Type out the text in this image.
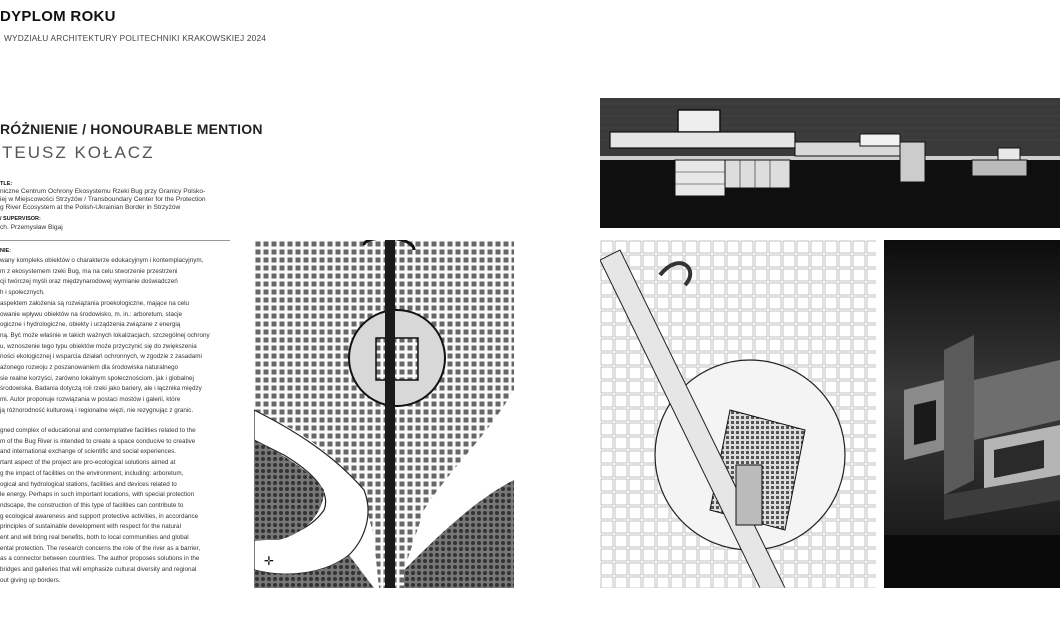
DYPLOM ROKU
WYDZIAŁU ARCHITEKTURY POLITECHNIKI KRAKOWSKIEJ 2024
RÓŻNIENIE / HONOURABLE MENTION
TEUSZ KOŁACZ
TLE:
niczne Centrum Ochrony Ekosystemu Rzeki Bug przy Granicy Polsko-
iej w Miejscowości Strzyżów / Transboundary Center for the Protection
g River Ecosystem at the Polish-Ukrainian Border in Strzyżów
/ SUPERVISOR:
ch. Przemysław Bigaj
NIE:
wany kompleks obiektów o charakterze edukacyjnym i kontemplacyjnym,
m z ekosystemem rzeki Bug, ma na celu stworzenie przestrzeni
cji twórczej myśli oraz międzynarodowej wymianie doświadczeń
h i społecznych.
aspektem założenia są rozwiązania proekologiczne, mające na celu
owanie wpływu obiektów na środowisko, m. in.: arboretum, stacje
ogiczne i hydrologiczne, obiekty i urządzenia związane z energią
ną. Być może właśnie w takich ważnych lokalizacjach, szczególnej ochrony
u, wznoszenie tego typu obiektów może przyczynić się do zwiększenia
ności ekologicznej i wsparcia działań ochronnych, w zgodzie z zasadami
ażonego rozwoju z poszanowaniem dla środowiska naturalnego
sie realne korzyści, zarówno lokalnym społecznościom, jak i globalnej
środowiska. Badania dotyczą roli rzeki jako bariery, ale i łącznika między
mi. Autor proponuje rozwiązania w postaci mostów i galerii, które
ją różnorodność kulturową i regionalne więzi, nie rezygnując z granic.
gned complex of educational and contemplative facilities related to the
m of the Bug River is intended to create a space conducive to creative
and international exchange of scientific and social experiences.
rtant aspect of the project are pro-ecological solutions aimed at
g the impact of facilities on the environment, including: arboretum,
ogical and hydrological stations, facilities and devices related to
le energy. Perhaps in such important locations, with special protection
ndscape, the construction of this type of facilities can contribute to
g ecological awareness and support protective activities, in accordance
principles of sustainable development with respect for the natural
ent and will bring real benefits, both to local communities and global
ental protection. The research concerns the role of the river as a barrier,
as a connector between countries. The author proposes solutions in the
bridges and galleries that will emphasize cultural diversity and regional
out giving up borders.
✛
